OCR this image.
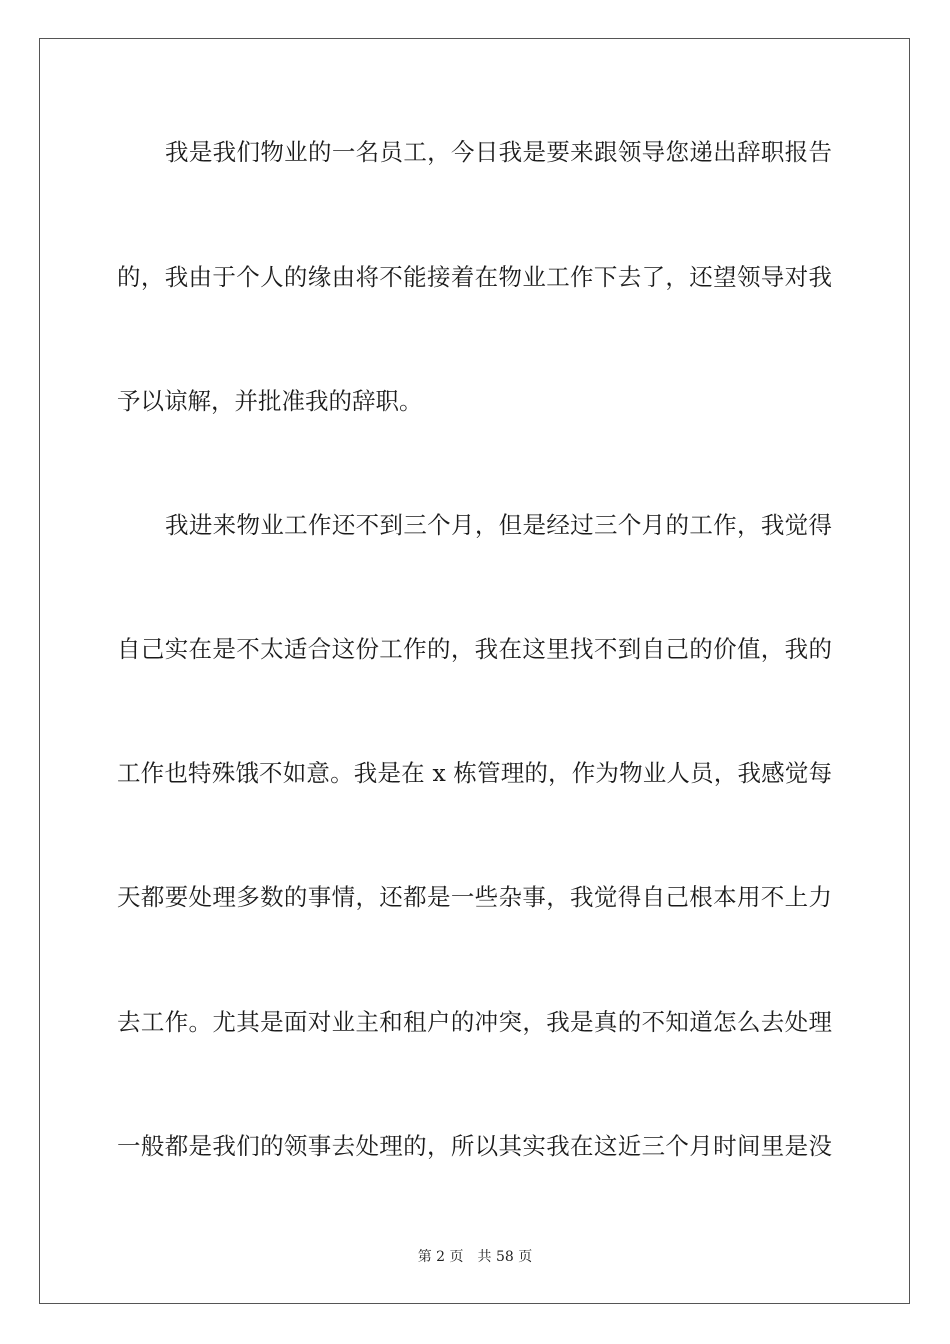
我是我们物业的一名员工，今日我是要来跟领导您递出辞职报告
的，我由于个人的缘由将不能接着在物业工作下去了，还望领导对我
予以谅解，并批准我的辞职。
我进来物业工作还不到三个月，但是经过三个月的工作，我觉得
自己实在是不太适合这份工作的，我在这里找不到自己的价值，我的
工作也特殊饿不如意。我是在 x 栋管理的，作为物业人员，我感觉每
天都要处理多数的事情，还都是一些杂事，我觉得自己根本用不上力
去工作。尤其是面对业主和租户的冲突，我是真的不知道怎么去处理
一般都是我们的领事去处理的，所以其实我在这近三个月时间里是没
第 2 页 共 58 页
